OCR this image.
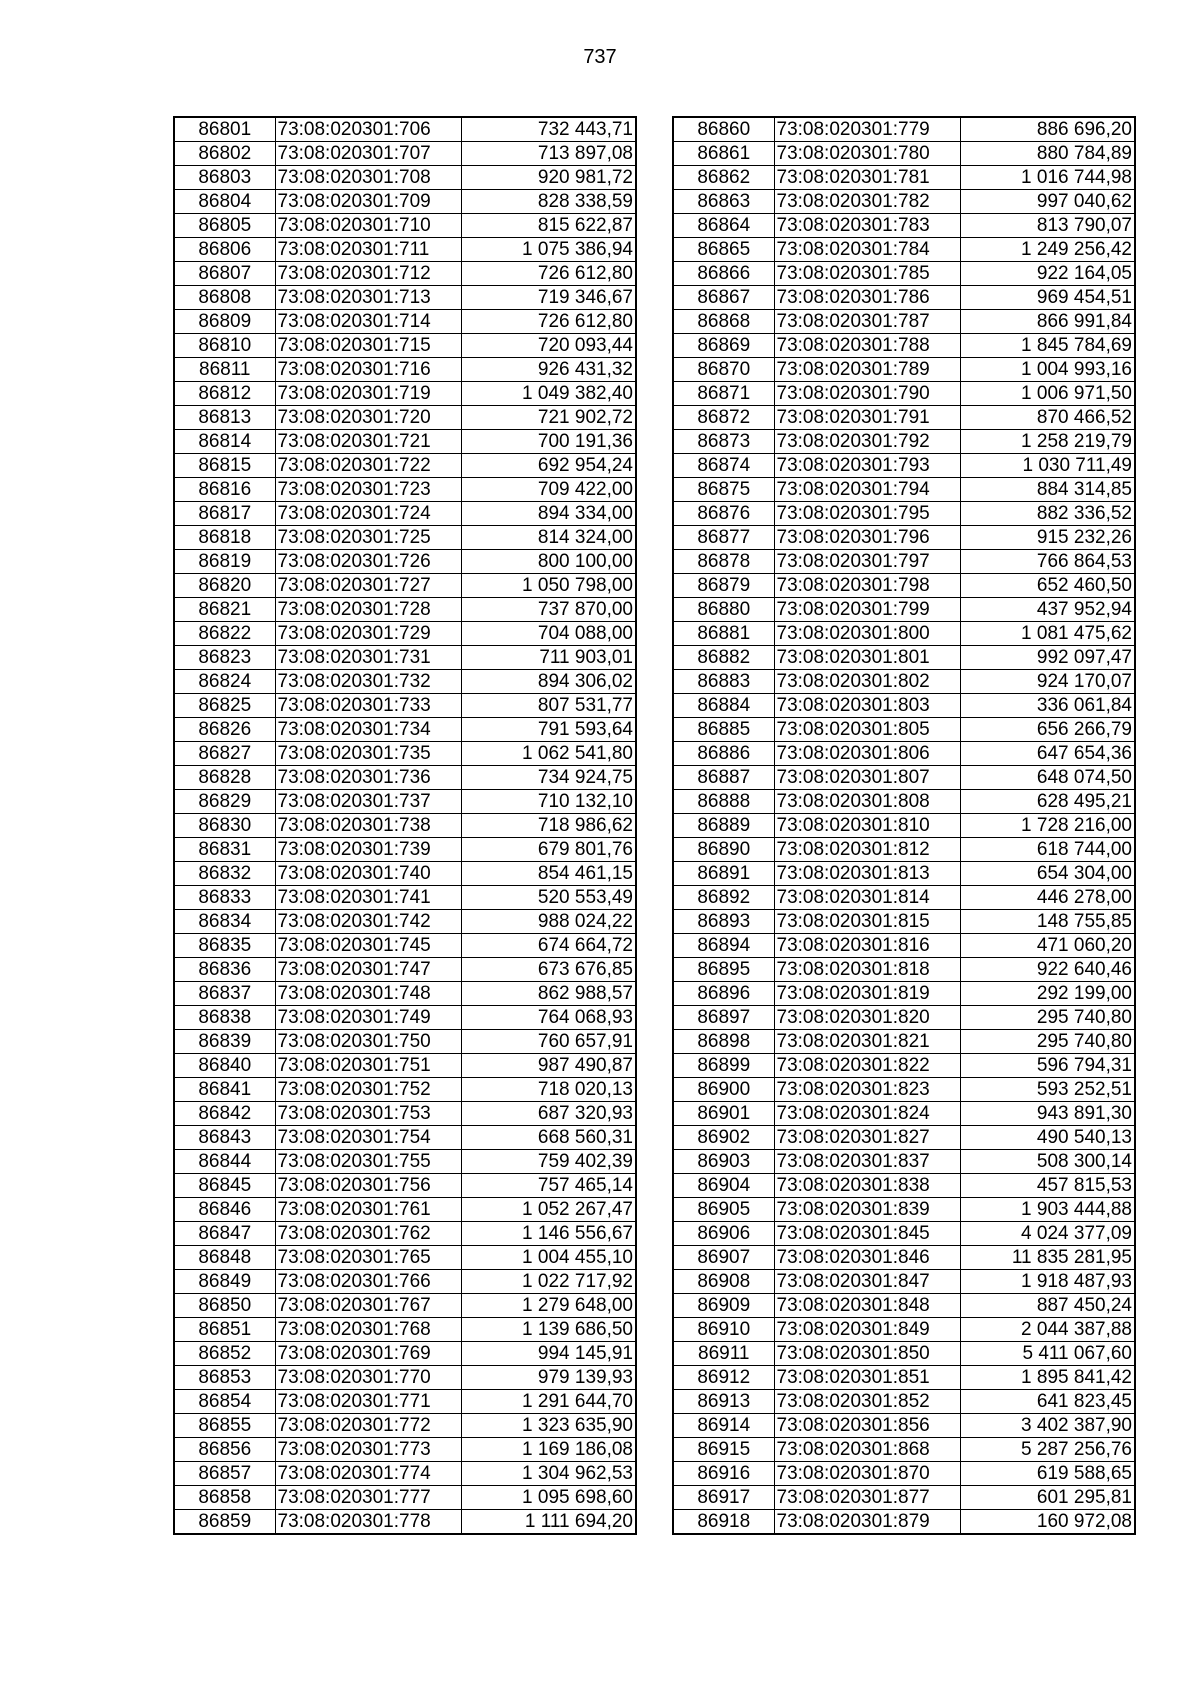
737
86801	73:08:020301:706	732 443,71
86802	73:08:020301:707	713 897,08
86803	73:08:020301:708	920 981,72
86804	73:08:020301:709	828 338,59
86805	73:08:020301:710	815 622,87
86806	73:08:020301:711	1 075 386,94
86807	73:08:020301:712	726 612,80
86808	73:08:020301:713	719 346,67
86809	73:08:020301:714	726 612,80
86810	73:08:020301:715	720 093,44
86811	73:08:020301:716	926 431,32
86812	73:08:020301:719	1 049 382,40
86813	73:08:020301:720	721 902,72
86814	73:08:020301:721	700 191,36
86815	73:08:020301:722	692 954,24
86816	73:08:020301:723	709 422,00
86817	73:08:020301:724	894 334,00
86818	73:08:020301:725	814 324,00
86819	73:08:020301:726	800 100,00
86820	73:08:020301:727	1 050 798,00
86821	73:08:020301:728	737 870,00
86822	73:08:020301:729	704 088,00
86823	73:08:020301:731	711 903,01
86824	73:08:020301:732	894 306,02
86825	73:08:020301:733	807 531,77
86826	73:08:020301:734	791 593,64
86827	73:08:020301:735	1 062 541,80
86828	73:08:020301:736	734 924,75
86829	73:08:020301:737	710 132,10
86830	73:08:020301:738	718 986,62
86831	73:08:020301:739	679 801,76
86832	73:08:020301:740	854 461,15
86833	73:08:020301:741	520 553,49
86834	73:08:020301:742	988 024,22
86835	73:08:020301:745	674 664,72
86836	73:08:020301:747	673 676,85
86837	73:08:020301:748	862 988,57
86838	73:08:020301:749	764 068,93
86839	73:08:020301:750	760 657,91
86840	73:08:020301:751	987 490,87
86841	73:08:020301:752	718 020,13
86842	73:08:020301:753	687 320,93
86843	73:08:020301:754	668 560,31
86844	73:08:020301:755	759 402,39
86845	73:08:020301:756	757 465,14
86846	73:08:020301:761	1 052 267,47
86847	73:08:020301:762	1 146 556,67
86848	73:08:020301:765	1 004 455,10
86849	73:08:020301:766	1 022 717,92
86850	73:08:020301:767	1 279 648,00
86851	73:08:020301:768	1 139 686,50
86852	73:08:020301:769	994 145,91
86853	73:08:020301:770	979 139,93
86854	73:08:020301:771	1 291 644,70
86855	73:08:020301:772	1 323 635,90
86856	73:08:020301:773	1 169 186,08
86857	73:08:020301:774	1 304 962,53
86858	73:08:020301:777	1 095 698,60
86859	73:08:020301:778	1 111 694,20
86860	73:08:020301:779	886 696,20
86861	73:08:020301:780	880 784,89
86862	73:08:020301:781	1 016 744,98
86863	73:08:020301:782	997 040,62
86864	73:08:020301:783	813 790,07
86865	73:08:020301:784	1 249 256,42
86866	73:08:020301:785	922 164,05
86867	73:08:020301:786	969 454,51
86868	73:08:020301:787	866 991,84
86869	73:08:020301:788	1 845 784,69
86870	73:08:020301:789	1 004 993,16
86871	73:08:020301:790	1 006 971,50
86872	73:08:020301:791	870 466,52
86873	73:08:020301:792	1 258 219,79
86874	73:08:020301:793	1 030 711,49
86875	73:08:020301:794	884 314,85
86876	73:08:020301:795	882 336,52
86877	73:08:020301:796	915 232,26
86878	73:08:020301:797	766 864,53
86879	73:08:020301:798	652 460,50
86880	73:08:020301:799	437 952,94
86881	73:08:020301:800	1 081 475,62
86882	73:08:020301:801	992 097,47
86883	73:08:020301:802	924 170,07
86884	73:08:020301:803	336 061,84
86885	73:08:020301:805	656 266,79
86886	73:08:020301:806	647 654,36
86887	73:08:020301:807	648 074,50
86888	73:08:020301:808	628 495,21
86889	73:08:020301:810	1 728 216,00
86890	73:08:020301:812	618 744,00
86891	73:08:020301:813	654 304,00
86892	73:08:020301:814	446 278,00
86893	73:08:020301:815	148 755,85
86894	73:08:020301:816	471 060,20
86895	73:08:020301:818	922 640,46
86896	73:08:020301:819	292 199,00
86897	73:08:020301:820	295 740,80
86898	73:08:020301:821	295 740,80
86899	73:08:020301:822	596 794,31
86900	73:08:020301:823	593 252,51
86901	73:08:020301:824	943 891,30
86902	73:08:020301:827	490 540,13
86903	73:08:020301:837	508 300,14
86904	73:08:020301:838	457 815,53
86905	73:08:020301:839	1 903 444,88
86906	73:08:020301:845	4 024 377,09
86907	73:08:020301:846	11 835 281,95
86908	73:08:020301:847	1 918 487,93
86909	73:08:020301:848	887 450,24
86910	73:08:020301:849	2 044 387,88
86911	73:08:020301:850	5 411 067,60
86912	73:08:020301:851	1 895 841,42
86913	73:08:020301:852	641 823,45
86914	73:08:020301:856	3 402 387,90
86915	73:08:020301:868	5 287 256,76
86916	73:08:020301:870	619 588,65
86917	73:08:020301:877	601 295,81
86918	73:08:020301:879	160 972,08
